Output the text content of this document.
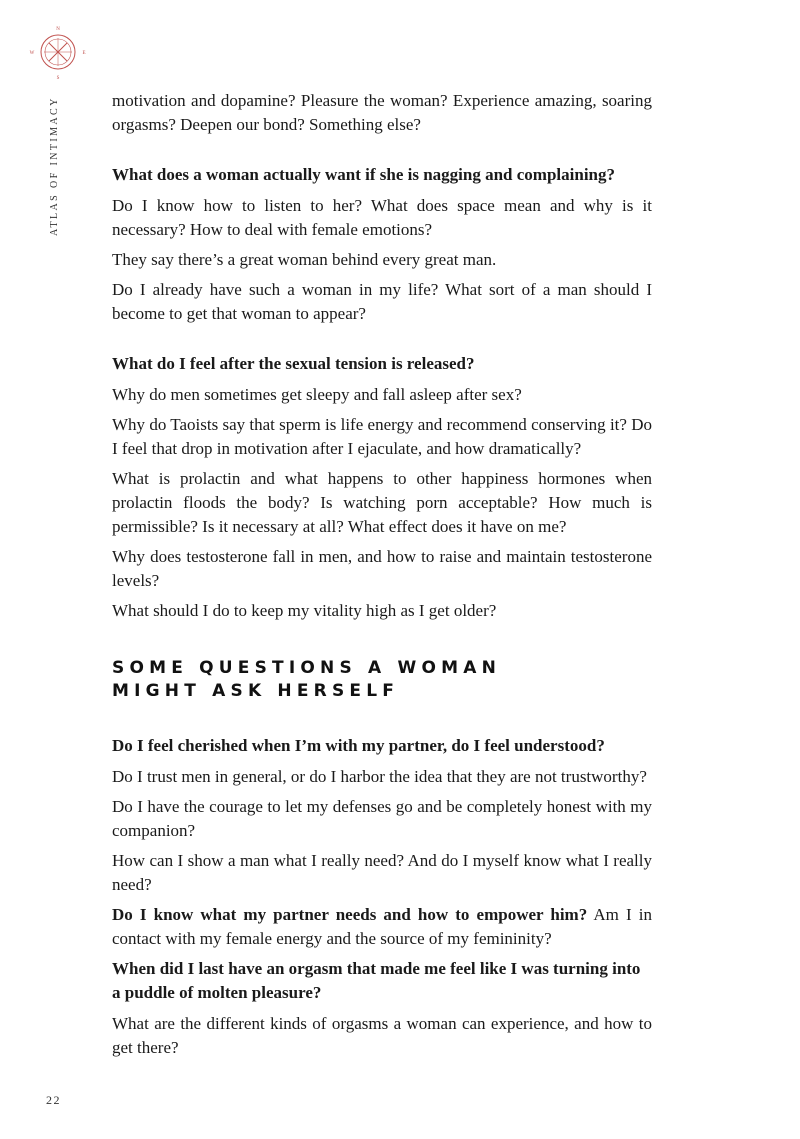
N
S
W	E
ATLAS OF INTIMACY	motivation and dopamine? Pleasure the woman? Experience amazing, soaring orgasms? Deepen our bond? Something else?

What does a woman actually want if she is nagging and complaining?

Do I know how to listen to her? What does space mean and why is it necessary? How to deal with female emotions?

They say there’s a great woman behind every great man.

Do I already have such a woman in my life? What sort of a man should I become to get that woman to appear?

What do I feel after the sexual tension is released?

Why do men sometimes get sleepy and fall asleep after sex?

Why do Taoists say that sperm is life energy and recommend conserving it? Do I feel that drop in motivation after I ejaculate, and how dramatically?

What is prolactin and what happens to other happiness hormones when prolactin floods the body? Is watching porn acceptable? How much is permissible? Is it necessary at all? What effect does it have on me?

Why does testosterone fall in men, and how to raise and maintain testosterone levels?

What should I do to keep my vitality high as I get older?

SOME QUESTIONS A WOMAN
MIGHT ASK HERSELF

Do I feel cherished when I’m with my partner, do I feel understood?

Do I trust men in general, or do I harbor the idea that they are not trustworthy?

Do I have the courage to let my defenses go and be completely honest with my companion?

How can I show a man what I really need? And do I myself know what I really need?

Do I know what my partner needs and how to empower him? Am I in contact with my female energy and the source of my femininity?

When did I last have an orgasm that made me feel like I was turning into a puddle of molten pleasure?

What are the different kinds of orgasms a woman can experience, and how to get there?

22
